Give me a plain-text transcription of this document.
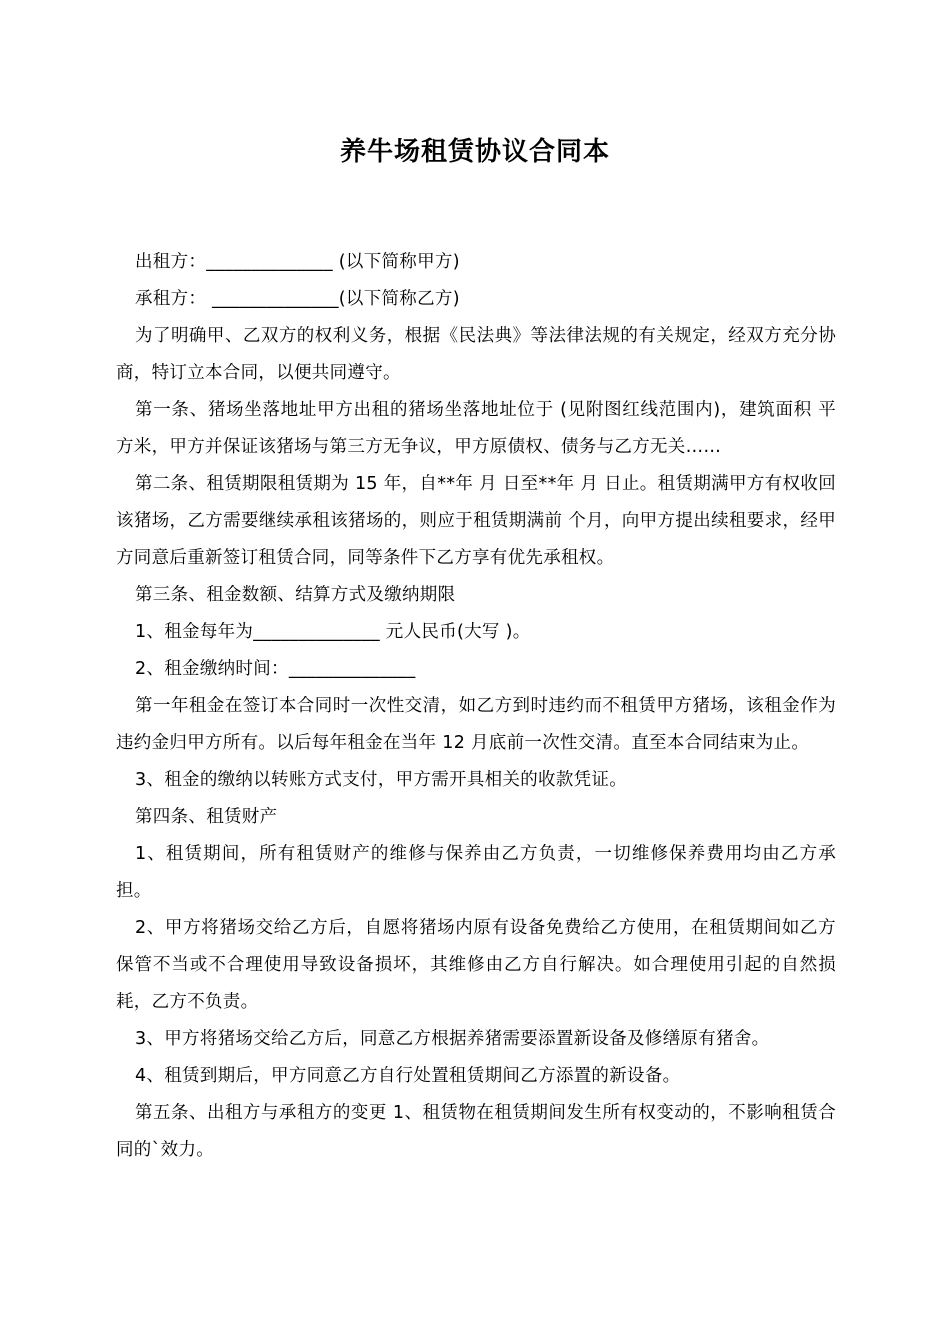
养牛场租赁协议合同本

出租方：______________ (以下简称甲方)

承租方： ______________(以下简称乙方)

为了明确甲、乙双方的权利义务，根据《民法典》等法律法规的有关规定，经双方充分协商，特订立本合同，以便共同遵守。

第一条、猪场坐落地址甲方出租的猪场坐落地址位于 (见附图红线范围内)，建筑面积 平方米，甲方并保证该猪场与第三方无争议，甲方原债权、债务与乙方无关……

第二条、租赁期限租赁期为 15 年，自**年 月 日至**年 月 日止。租赁期满甲方有权收回该猪场，乙方需要继续承租该猪场的，则应于租赁期满前 个月，向甲方提出续租要求，经甲方同意后重新签订租赁合同，同等条件下乙方享有优先承租权。

第三条、租金数额、结算方式及缴纳期限

1、租金每年为______________ 元人民币(大写 )。

2、租金缴纳时间：______________

第一年租金在签订本合同时一次性交清，如乙方到时违约而不租赁甲方猪场，该租金作为违约金归甲方所有。以后每年租金在当年 12 月底前一次性交清。直至本合同结束为止。

3、租金的缴纳以转账方式支付，甲方需开具相关的收款凭证。

第四条、租赁财产

1、租赁期间，所有租赁财产的维修与保养由乙方负责，一切维修保养费用均由乙方承担。

2、甲方将猪场交给乙方后，自愿将猪场内原有设备免费给乙方使用，在租赁期间如乙方保管不当或不合理使用导致设备损坏，其维修由乙方自行解决。如合理使用引起的自然损耗，乙方不负责。

3、甲方将猪场交给乙方后，同意乙方根据养猪需要添置新设备及修缮原有猪舍。

4、租赁到期后，甲方同意乙方自行处置租赁期间乙方添置的新设备。

第五条、出租方与承租方的变更 1、租赁物在租赁期间发生所有权变动的，不影响租赁合同的`效力。
